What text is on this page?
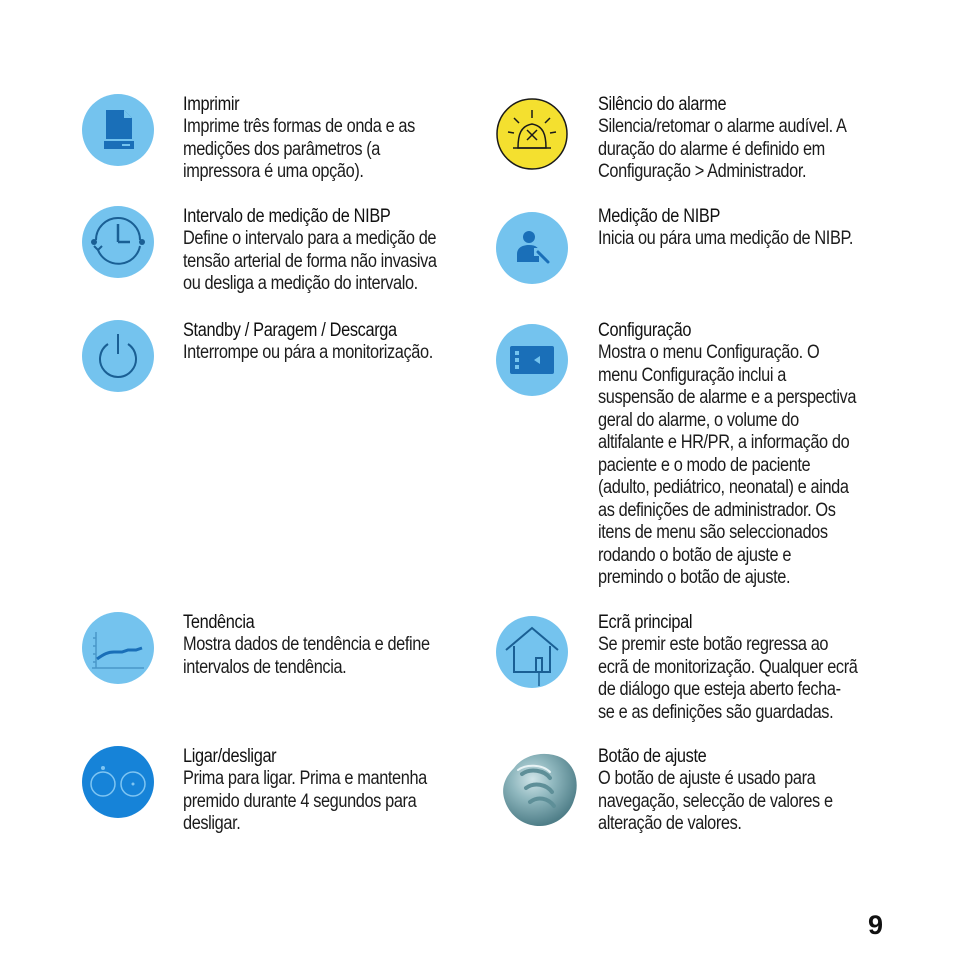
Imprimir
Imprime três formas de onda e as
medições dos parâmetros (a
impressora é uma opção).
Silêncio do alarme
Silencia/retomar o alarme audível. A
duração do alarme é definido em
Configuração > Administrador.
Intervalo de medição de NIBP
Define o intervalo para a medição de
tensão arterial de forma não invasiva
ou desliga a medição do intervalo.
Medição de NIBP
Inicia ou pára uma medição de NIBP.
Standby / Paragem / Descarga
Interrompe ou pára a monitorização.
Configuração
Mostra o menu Configuração. O
menu Configuração inclui a
suspensão de alarme e a perspectiva
geral do alarme, o volume do
altifalante e HR/PR, a informação do
paciente e o modo de paciente
(adulto, pediátrico, neonatal) e ainda
as definições de administrador. Os
itens de menu são seleccionados
rodando o botão de ajuste e
premindo o botão de ajuste.
Tendência
Mostra dados de tendência e define
intervalos de tendência.
Ecrã principal
Se premir este botão regressa ao
ecrã de monitorização. Qualquer ecrã
de diálogo que esteja aberto fecha-
se e as definições são guardadas.
Ligar/desligar
Prima para ligar. Prima e mantenha
premido durante 4 segundos para
desligar.
Botão de ajuste
O botão de ajuste é usado para
navegação, selecção de valores e
alteração de valores.
9
